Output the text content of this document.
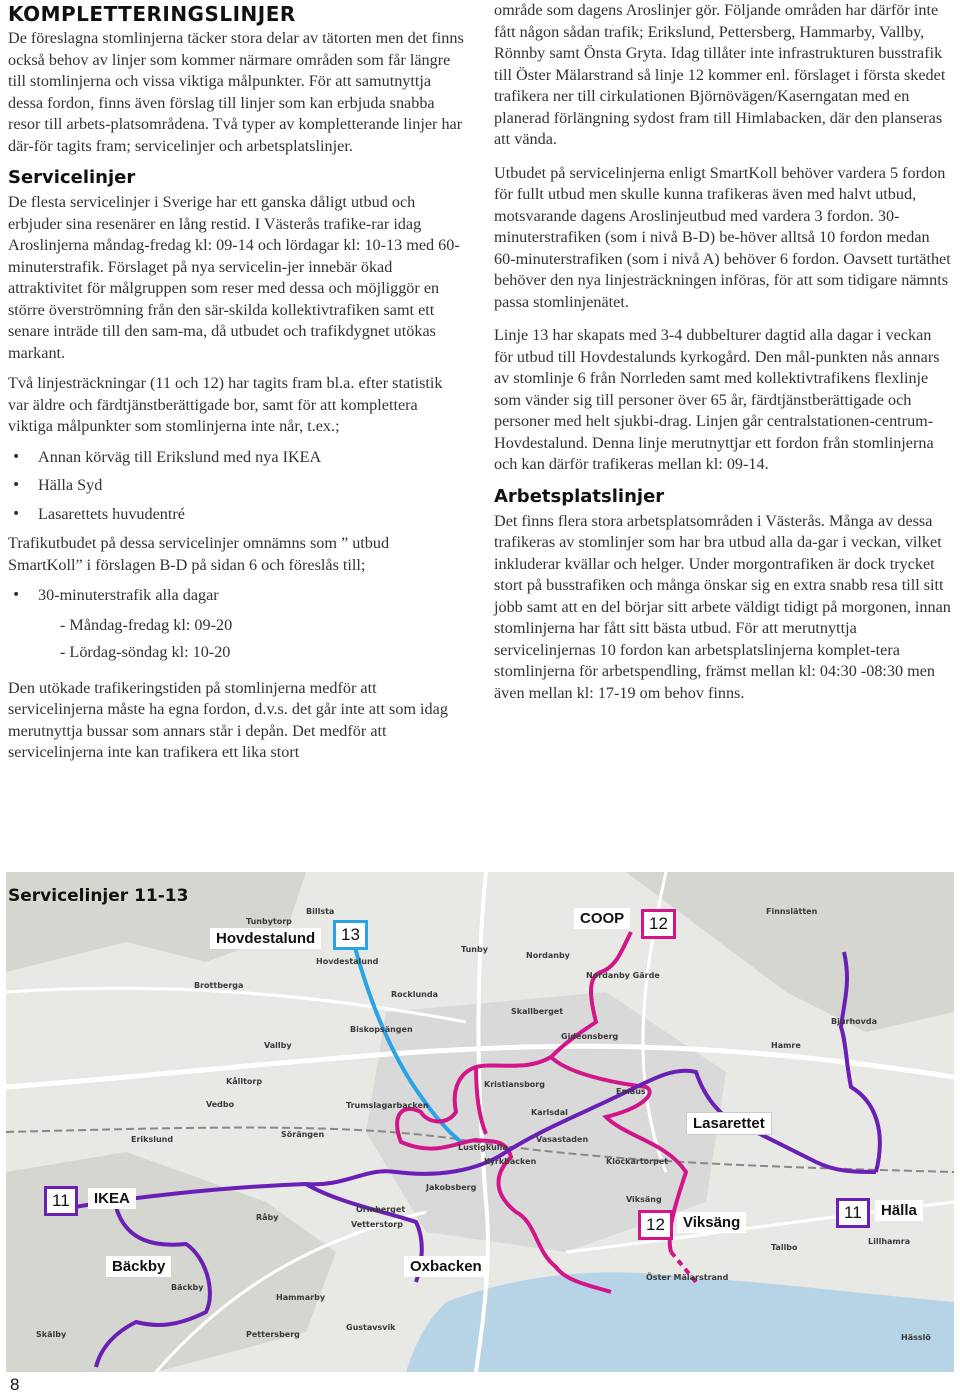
KOMPLETTERINGSLINJER

De föreslagna stomlinjerna täcker stora delar av tätorten men det finns också behov av linjer som kommer närmare områden som får längre till stomlinjerna och vissa viktiga målpunkter. För att samutnyttja dessa fordon, finns även förslag till linjer som kan erbjuda snabba resor till arbets-platsområdena. Två typer av kompletterande linjer har där-för tagits fram; servicelinjer och arbetsplatslinjer.

Servicelinjer

De flesta servicelinjer i Sverige har ett ganska dåligt utbud och erbjuder sina resenärer en lång restid. I Västerås trafike-rar idag Aroslinjerna måndag-fredag kl: 09-14 och lördagar kl: 10-13 med 60-minuterstrafik. Förslaget på nya servicelin-jer innebär ökad attraktivitet för målgruppen som reser med dessa och möjliggör en större överströmning från den sär-skilda kollektivtrafiken samt ett senare inträde till den sam-ma, då utbudet och trafikdygnet utökas markant.

Två linjesträckningar (11 och 12) har tagits fram bl.a. efter statistik var äldre och färdtjänstberättigade bor, samt för att komplettera viktiga målpunkter som stomlinjerna inte når, t.ex.;

• Annan körväg till Erikslund med nya IKEA
• Hälla Syd
• Lasarettets huvudentré

Trafikutbudet på dessa servicelinjer omnämns som ” utbud SmartKoll” i förslagen B-D på sidan 6 och föreslås till;

• 30-minuterstrafik alla dagar
- Måndag-fredag kl: 09-20
- Lördag-söndag kl: 10-20

Den utökade trafikeringstiden på stomlinjerna medför att servicelinjerna måste ha egna fordon, d.v.s. det går inte att som idag merutnyttja bussar som annars står i depån. Det medför att servicelinjerna inte kan trafikera ett lika stort

område som dagens Aroslinjer gör. Följande områden har därför inte fått någon sådan trafik; Erikslund, Pettersberg, Hammarby, Vallby, Rönnby samt Önsta Gryta. Idag tillåter inte infrastrukturen busstrafik till Öster Mälarstrand så linje 12 kommer enl. förslaget i första skedet trafikera ner till cirkulationen Björnövägen/Kaserngatan med en planerad förlängning sydost fram till Himlabacken, där den planseras att vända.

Utbudet på servicelinjerna enligt SmartKoll behöver vardera 5 fordon för fullt utbud men skulle kunna trafikeras även med halvt utbud, motsvarande dagens Aroslinjeutbud med vardera 3 fordon. 30-minuterstrafiken (som i nivå B-D) be-höver alltså 10 fordon medan 60-minuterstrafiken (som i nivå A) behöver 6 fordon. Oavsett turtäthet behöver den nya linjesträckningen införas, för att som tidigare nämnts passa stomlinjenätet.

Linje 13 har skapats med 3-4 dubbelturer dagtid alla dagar i veckan för utbud till Hovdestalunds kyrkogård. Den mål-punkten nås annars av stomlinje 6 från Norrleden samt med kollektivtrafikens flexlinje som vänder sig till personer över 65 år, färdtjänstberättigade och personer med helt sjukbi-drag. Linjen går centralstationen-centrum-Hovdestalund. Denna linje merutnyttjar ett fordon från stomlinjerna och kan därför trafikeras mellan kl: 09-14.

Arbetsplatslinjer

Det finns flera stora arbetsplatsområden i Västerås. Många av dessa trafikeras av stomlinjer som har bra utbud alla da-gar i veckan, vilket inkluderar kvällar och helger. Under morgontrafiken är dock trycket stort på busstrafiken och många önskar sig en extra snabb resa till sitt jobb samt att en del börjar sitt arbete väldigt tidigt på morgonen, innan stomlinjerna har fått sitt bästa utbud. För att merutnyttja servicelinjernas 10 fordon kan arbetsplatslinjerna komplet-tera stomlinjerna för arbetspendling, främst mellan kl: 04:30 -08:30 men även mellan kl: 17-19 om behov finns.

Servicelinjer 11-13
Billsta
Tunbytorp
Hovdestalund
Nordanby
Finnslätten
Brottberga
Rocklunda
Tunby
Nordanby Gärde
Skallberget
Bjurhovda
Vallby
Biskopsängen
Gideonsberg
Hamre
Kålltorp
Vedbo
Erikslund
Trumslagarbacken
Karlsdal
Emaus
Sörängen
Kristiansborg
Vasastaden
Lustigkulla
Kyrkbacken	Klockartorpet
Råby
Jakobsberg
Viksäng
Vetterstorp
Ormberget
Tallbo
Bäckby
Hammarby
Öster Mälarstrand
Skälby	Pettersberg
Gustavsvik
Lillhamra
Hässlö
Hovdestalund	13
COOP	12
Lasarettet
11	IKEA
12	Viksäng
11	Hälla
Bäckby	Oxbacken
8
